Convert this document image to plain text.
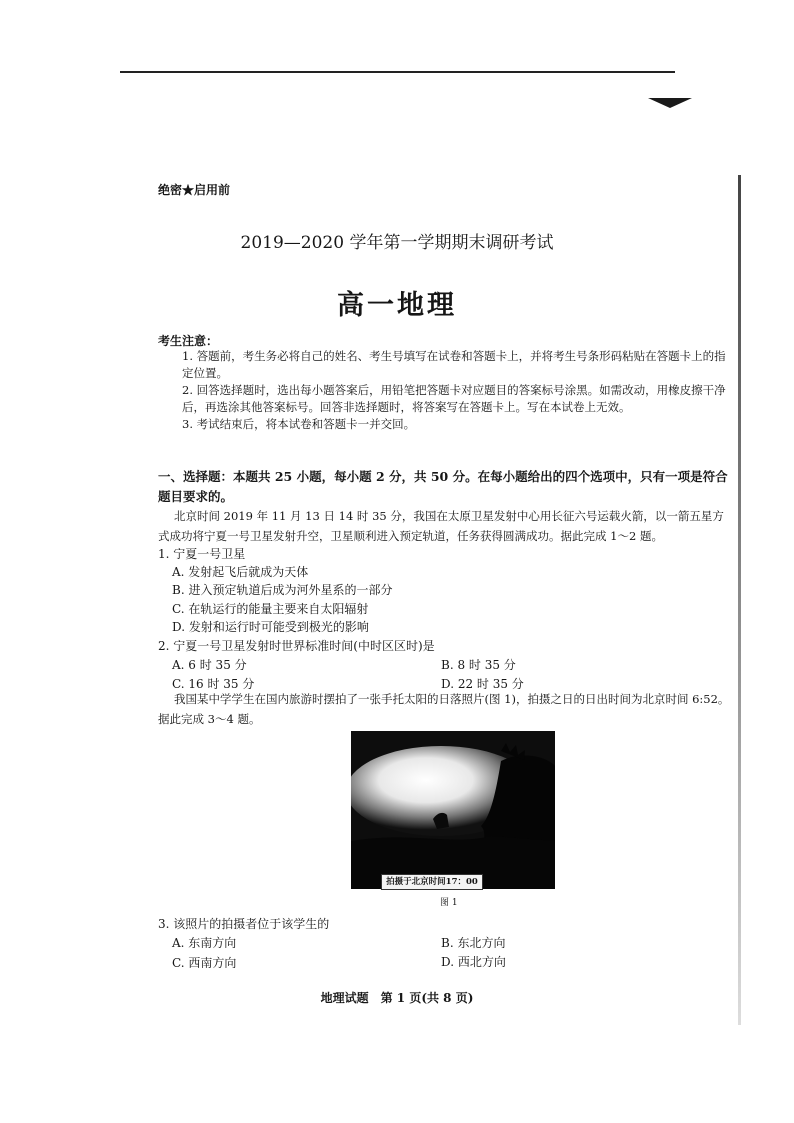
绝密★启用前
2019—2020 学年第一学期期末调研考试
高一地理
考生注意：
1. 答题前，考生务必将自己的姓名、考生号填写在试卷和答题卡上，并将考生号条形码粘贴在答题卡上的指定位置。
2. 回答选择题时，选出每小题答案后，用铅笔把答题卡对应题目的答案标号涂黑。如需改动，用橡皮擦干净后，再选涂其他答案标号。回答非选择题时，将答案写在答题卡上。写在本试卷上无效。
3. 考试结束后，将本试卷和答题卡一并交回。
一、选择题：本题共 25 小题，每小题 2 分，共 50 分。在每小题给出的四个选项中，只有一项是符合题目要求的。
北京时间 2019 年 11 月 13 日 14 时 35 分，我国在太原卫星发射中心用长征六号运载火箭，以一箭五星方式成功将宁夏一号卫星发射升空，卫星顺利进入预定轨道，任务获得圆满成功。据此完成 1～2 题。
1. 宁夏一号卫星
A. 发射起飞后就成为天体
B. 进入预定轨道后成为河外星系的一部分
C. 在轨运行的能量主要来自太阳辐射
D. 发射和运行时可能受到极光的影响
2. 宁夏一号卫星发射时世界标准时间(中时区区时)是
A. 6 时 35 分	B. 8 时 35 分
C. 16 时 35 分	D. 22 时 35 分
我国某中学学生在国内旅游时摆拍了一张手托太阳的日落照片(图 1)，拍摄之日的日出时间为北京时间 6:52。据此完成 3～4 题。
拍摄于北京时间17：00
图 1
3. 该照片的拍摄者位于该学生的
A. 东南方向	B. 东北方向
C. 西南方向	D. 西北方向
地理试题　第 1 页(共 8 页)
